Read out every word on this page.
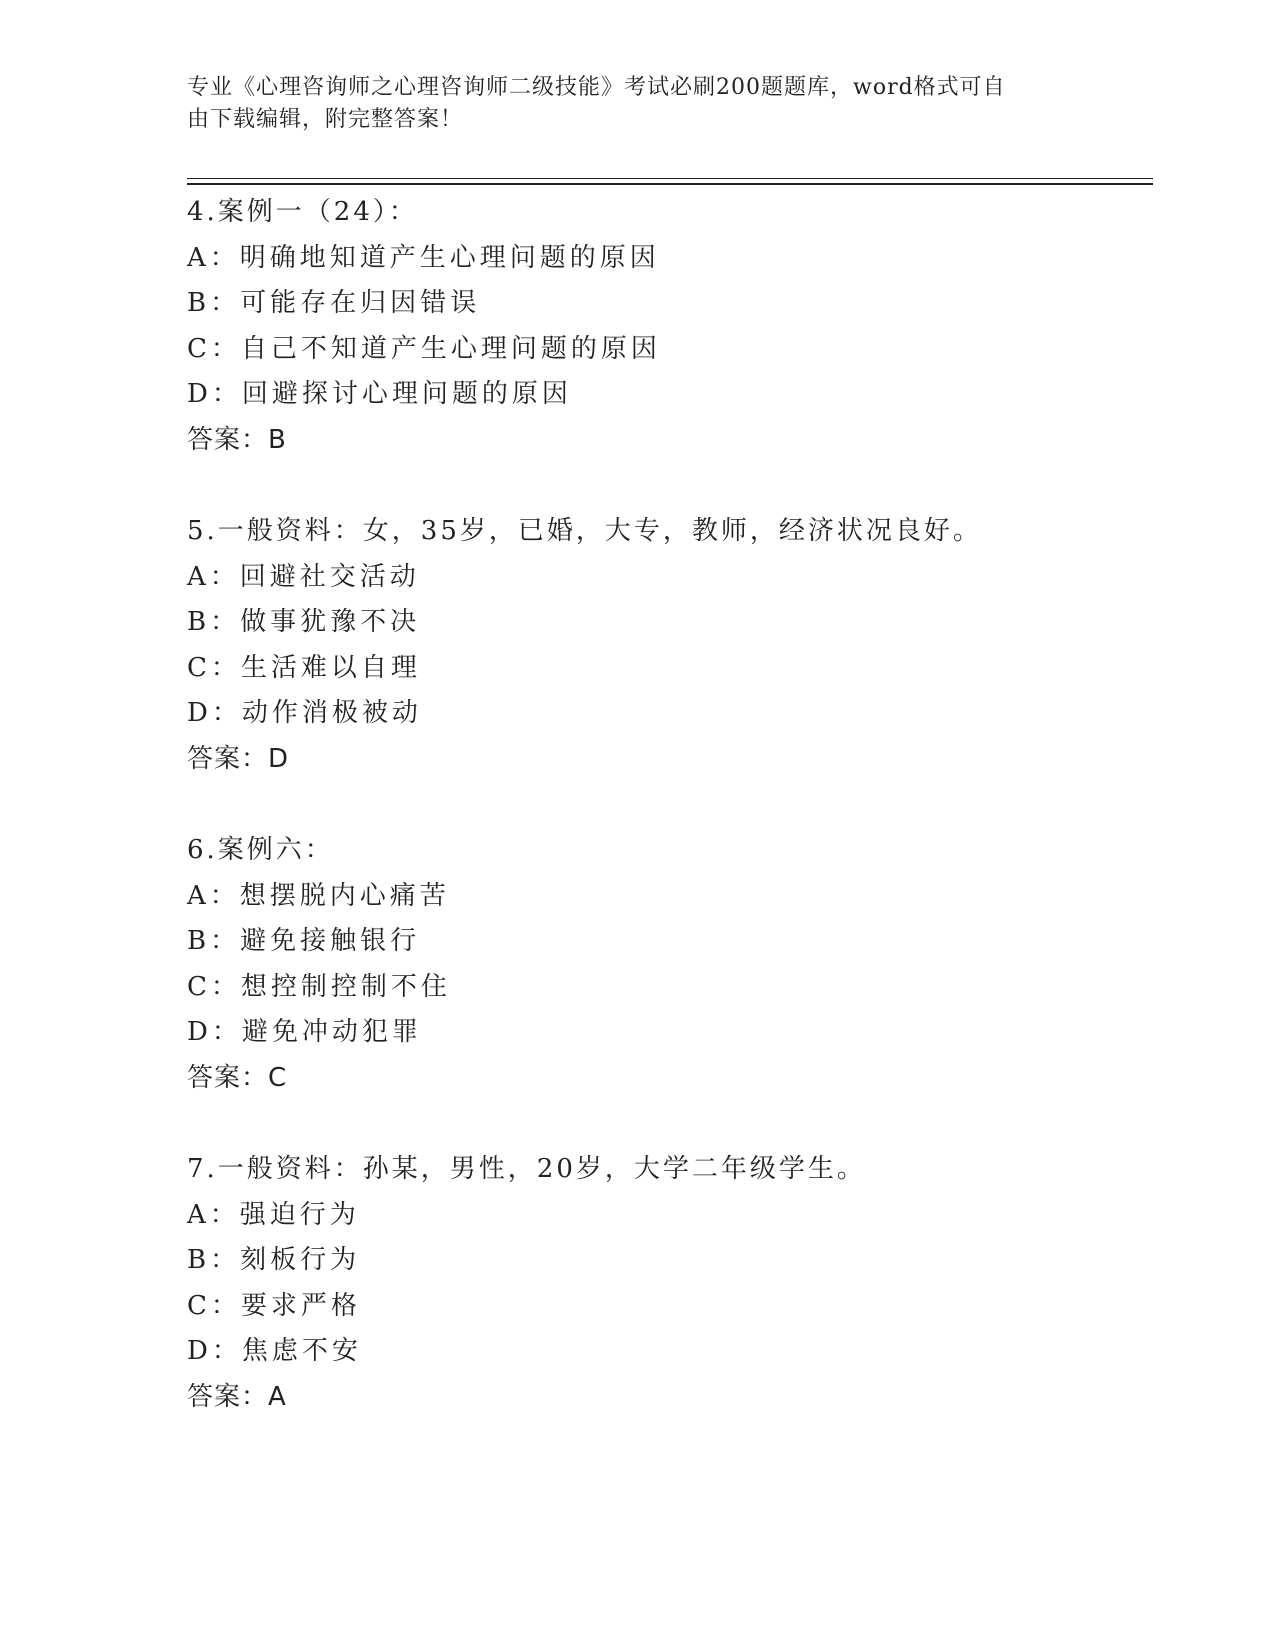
专业《心理咨询师之心理咨询师二级技能》考试必刷200题题库，word格式可自
由下载编辑，附完整答案！
4.案例一（24）：
A：明确地知道产生心理问题的原因
B：可能存在归因错误
C：自己不知道产生心理问题的原因
D：回避探讨心理问题的原因
答案：B
5.一般资料：女，35岁，已婚，大专，教师，经济状况良好。
A：回避社交活动
B：做事犹豫不决
C：生活难以自理
D：动作消极被动
答案：D
6.案例六：
A：想摆脱内心痛苦
B：避免接触银行
C：想控制控制不住
D：避免冲动犯罪
答案：C
7.一般资料：孙某，男性，20岁，大学二年级学生。
A：强迫行为
B：刻板行为
C：要求严格
D：焦虑不安
答案：A
